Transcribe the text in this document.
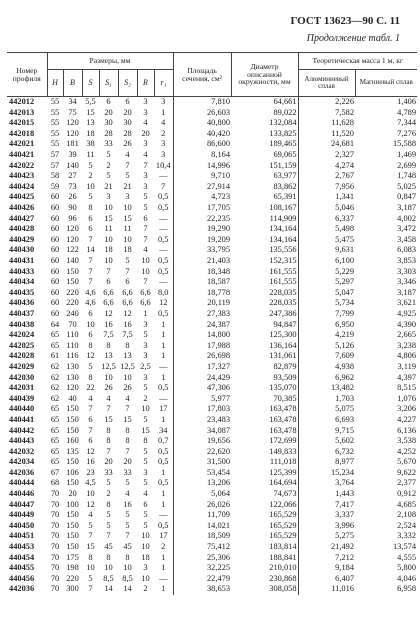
ГОСТ 13623—90 С. 11
Продолжение табл. 1
Номер профиля	Размеры, мм							Площадь сечения, см²	Диаметр описанной окружности, мм	Теоретическая масса 1 м, кг	
	H	B	S	S₁	S₂	R	r₁			Алюминиевый сплав	Магниевый сплав
442012	55	34	5,5	6	6	3	3	7,810	64,661	2,226	1,406
442013	55	75	15	20	20	3	1	26,603	89,022	7,582	4,789
442015	55	120	13	30	30	4	4	40,800	132,084	11,628	7,344
442018	55	120	18	28	28	20	2	40,420	133,825	11,520	7,276
442021	55	181	38	33	26	3	3	86,600	189,465	24,681	15,588
440421	57	39	11	5	4	4	3	8,164	69,065	2,327	1,469
442022	57	140	5	2	7	7	10,4	14,996	151,159	4,274	2,699
440423	58	27	2	5	5	3	—	9,710	63,977	2,767	1,748
440424	59	73	10	21	21	3	7	27,914	83,862	7,956	5,025
440425	60	26	5	3	3	5	0,5	4,723	65,391	1,341	0,847
440426	60	90	8	10	10	5	0,5	17,705	108,167	5,046	3,187
440427	60	96	6	15	15	6	—	22,235	114,909	6,337	4,002
440428	60	120	6	11	11	7	—	19,290	134,164	5,498	3,472
440429	60	120	7	10	10	7	0,5	19,209	134,164	5,475	3,458
440430	60	122	14	18	18	4	—	33,795	135,556	9,631	6,083
440431	60	140	7	10	5	10	0,5	21,403	152,315	6,100	3,853
440433	60	150	7	7	7	10	0,5	18,348	161,555	5,229	3,303
440434	60	150	7	6	6	7	—	18,587	161,555	5,297	3,346
440435	60	220	4,6	6,6	6,6	6,6	8,0	18,778	228,035	5,047	3,187
440436	60	220	4,6	6,6	6,6	6,6	12	20,119	228,035	5,734	3,621
440437	60	240	6	12	12	1	0,5	27,383	247,386	7,799	4,925
440438	64	70	10	16	16	3	1	24,387	94,847	6,950	4,390
442024	65	110	6	7,5	7,5	5	1	14,800	125,300	4,219	2,665
442025	65	110	8	8	8	3	1	17,988	136,164	5,126	3,238
442028	61	116	12	13	13	3	1	26,698	131,061	7,609	4,806
442029	62	130	5	12,5	12,5	2,5	—	17,327	82,879	4,938	3,119
442030	62	130	8	10	10	3	1	24,429	93,509	6,962	4,397
442031	62	120	22	26	26	5	0,5	47,306	135,070	13,482	8,515
440439	62	40	4	4	4	2	—	5,977	70,385	1,703	1,076
440440	65	150	7	7	7	10	17	17,803	163,478	5,075	3,206
440441	65	150	6	15	15	5	1	23,483	163,478	6,693	4,227
440442	65	150	7	8	8	15	34	34,087	163,478	9,715	6,136
440443	65	160	6	8	8	8	0,7	19,656	172,699	5,602	3,538
442032	65	135	12	7	7	5	0,5	22,620	149,833	6,732	4,252
442034	65	150	16	20	20	5	0,5	31,500	111,018	8,977	5,670
442036	67	106	23	33	33	3	1	53,454	125,399	15,234	9,622
440444	68	150	4,5	5	5	5	0,5	13,206	164,694	3,764	2,377
440446	70	20	10	2	4	4	1	5,064	74,673	1,443	0,912
440447	70	100	12	8	16	6	1	26,026	122,066	7,417	4,685
440449	70	150	4	5	5	5	—	11,709	165,529	3,337	2,108
440450	70	150	5	5	5	5	0,5	14,021	165,529	3,996	2,524
440451	70	150	7	7	7	10	17	18,509	165,529	5,275	3,332
440453	70	150	15	45	45	10	2	75,412	183,814	21,492	13,574
440454	70	175	8	8	8	18	1	25,306	188,841	7,212	4,555
440455	70	198	10	10	10	3	1	32,225	210,010	9,184	5,800
440456	70	220	5	8,5	8,5	10	—	22,479	230,868	6,407	4,046
442036	70	300	7	14	14	2	1	38,653	308,058	11,016	6,958
